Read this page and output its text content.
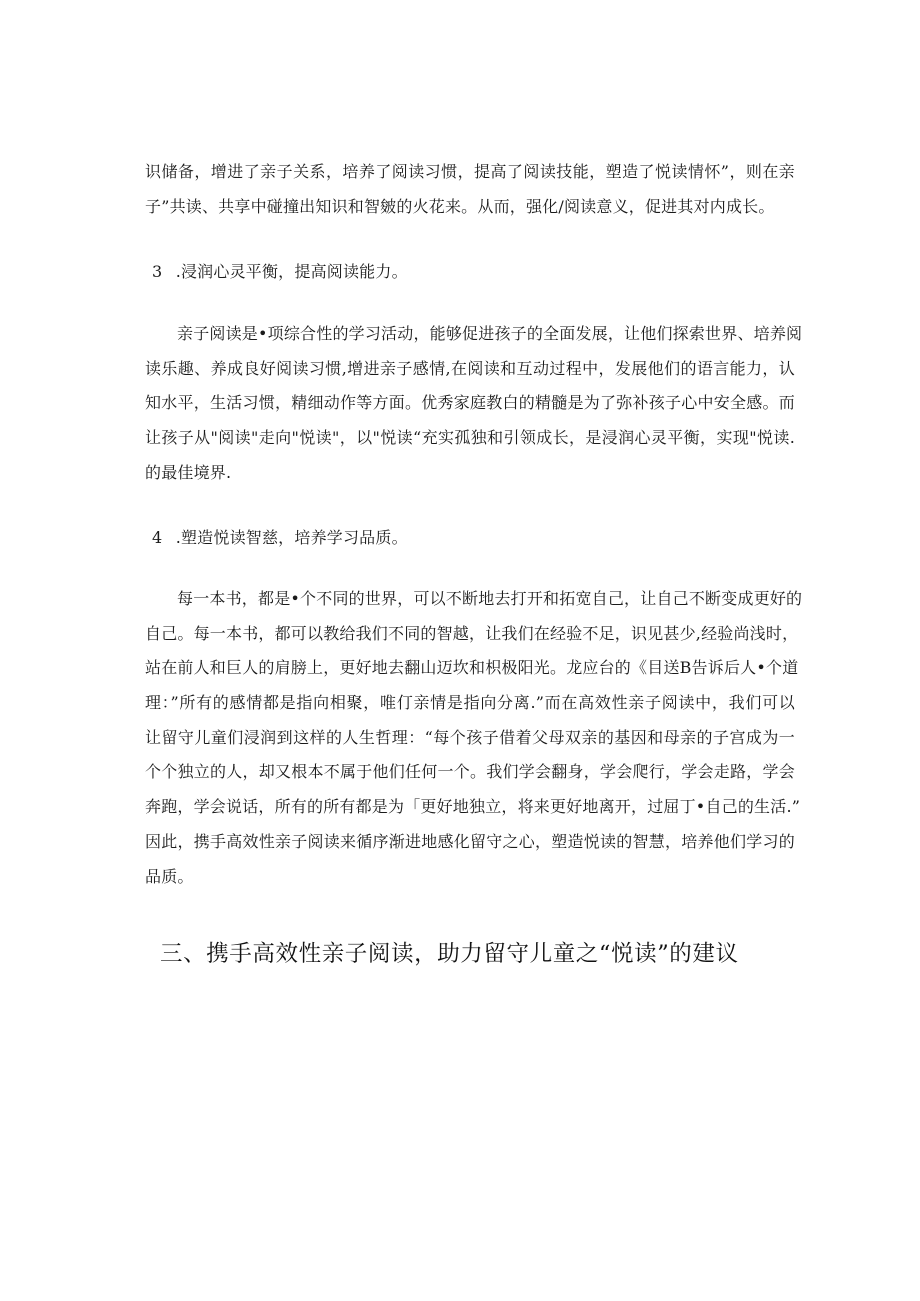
识储备，增进了亲子关系，培养了阅读习惯，提高了阅读技能，塑造了悦读情怀”，则在亲
子”共读、共享中碰撞出知识和智皴的火花来。从而，强化/阅读意义，促进其对内成长。
3 .浸润心灵平衡，提高阅读能力。
亲子阅读是•项综合性的学习活动，能够促进孩子的全面发展，让他们探索世界、培养阅
读乐趣、养成良好阅读习惯,增进亲子感情,在阅读和互动过程中，发展他们的语言能力，认
知水平，生活习惯，精细动作等方面。优秀家庭教白的精髓是为了弥补孩子心中安全感。而
让孩子从"阅读"走向"悦读"，以"悦读“充实孤独和引领成长，是浸润心灵平衡，实现"悦读.
的最佳境界.
4 .塑造悦读智慈，培养学习品质。
每一本书，都是•个不同的世界，可以不断地去打开和拓宽自己，让自己不断变成更好的
自己。每一本书，都可以教给我们不同的智越，让我们在经验不足，识见甚少,经验尚浅时，
站在前人和巨人的肩膀上，更好地去翻山迈坎和枳极阳光。龙应台的《目送B告诉后人•个道
理：”所有的感情都是指向相聚，唯仃亲情是指向分离.”而在高效性亲子阅读中，我们可以
让留守儿童们浸润到这样的人生哲理：“每个孩子借着父母双亲的基因和母亲的子宫成为一
个个独立的人，却又根本不属于他们任何一个。我们学会翻身，学会爬行，学会走路，学会
奔跑，学会说话，所有的所有都是为「更好地独立，将来更好地离开，过屈丁•自己的生活.”
因此，携手高效性亲子阅读来循序渐进地感化留守之心，塑造悦读的智慧，培养他们学习的
品质。
三、携手高效性亲子阅读，助力留守儿童之“悦读”的建议
